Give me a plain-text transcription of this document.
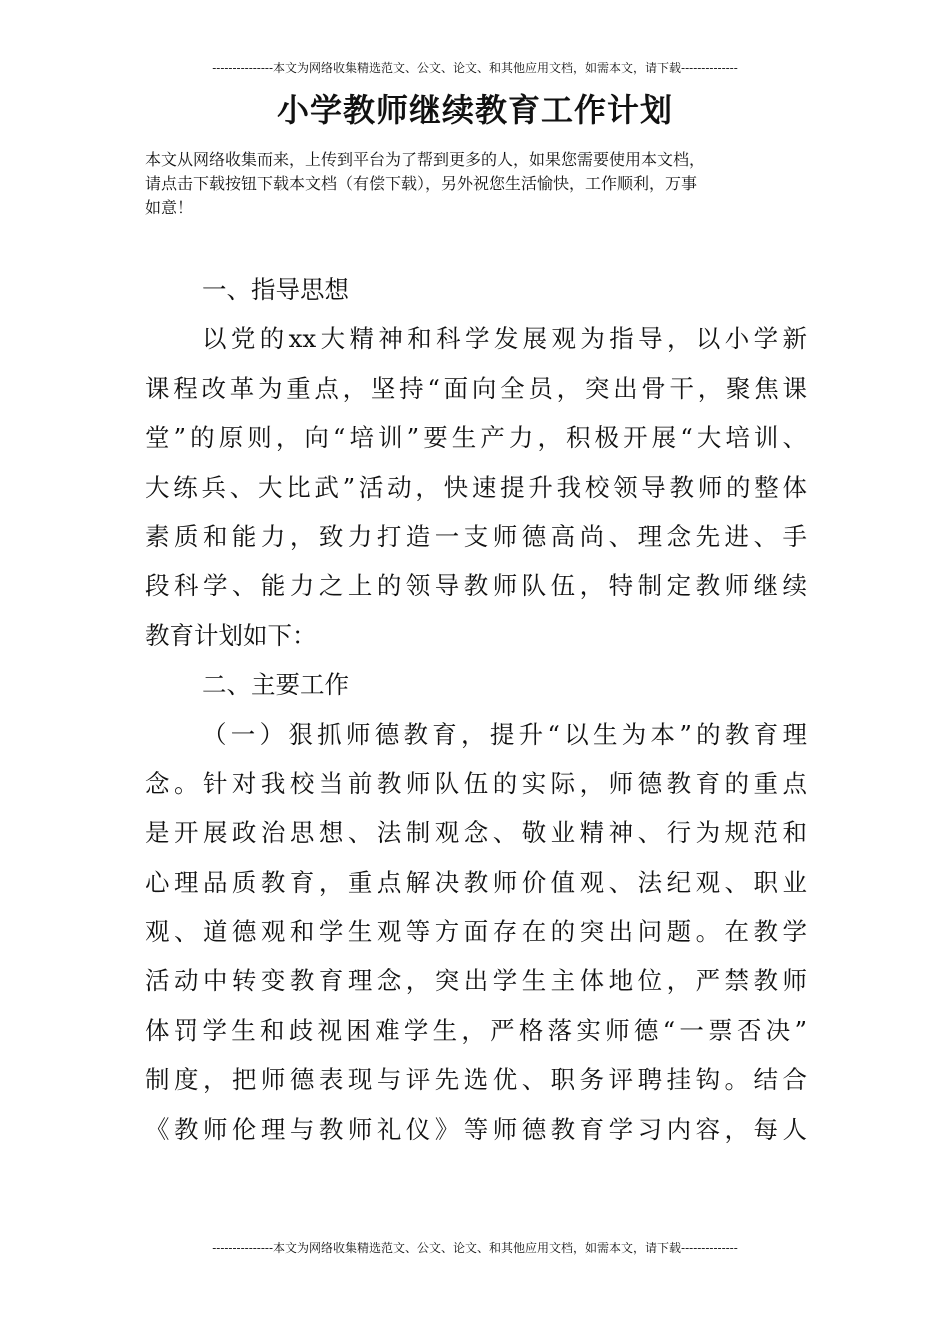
---------------本文为网络收集精选范文、公文、论文、和其他应用文档，如需本文，请下载--------------
小学教师继续教育工作计划
本文从网络收集而来，上传到平台为了帮到更多的人，如果您需要使用本文档，
请点击下载按钮下载本文档（有偿下载），另外祝您生活愉快，工作顺利，万事
如意！
一、指导思想
以党的xx大精神和科学发展观为指导，以小学新
课程改革为重点，坚持“面向全员，突出骨干，聚焦课
堂”的原则，向“培训”要生产力，积极开展“大培训、
大练兵、大比武”活动，快速提升我校领导教师的整体
素质和能力，致力打造一支师德高尚、理念先进、手
段科学、能力之上的领导教师队伍，特制定教师继续
教育计划如下：
二、主要工作
（一）狠抓师德教育，提升“以生为本”的教育理
念。针对我校当前教师队伍的实际，师德教育的重点
是开展政治思想、法制观念、敬业精神、行为规范和
心理品质教育，重点解决教师价值观、法纪观、职业
观、道德观和学生观等方面存在的突出问题。在教学
活动中转变教育理念，突出学生主体地位，严禁教师
体罚学生和歧视困难学生，严格落实师德“一票否决”
制度，把师德表现与评先选优、职务评聘挂钩。结合
《教师伦理与教师礼仪》等师德教育学习内容，每人
---------------本文为网络收集精选范文、公文、论文、和其他应用文档，如需本文，请下载--------------
